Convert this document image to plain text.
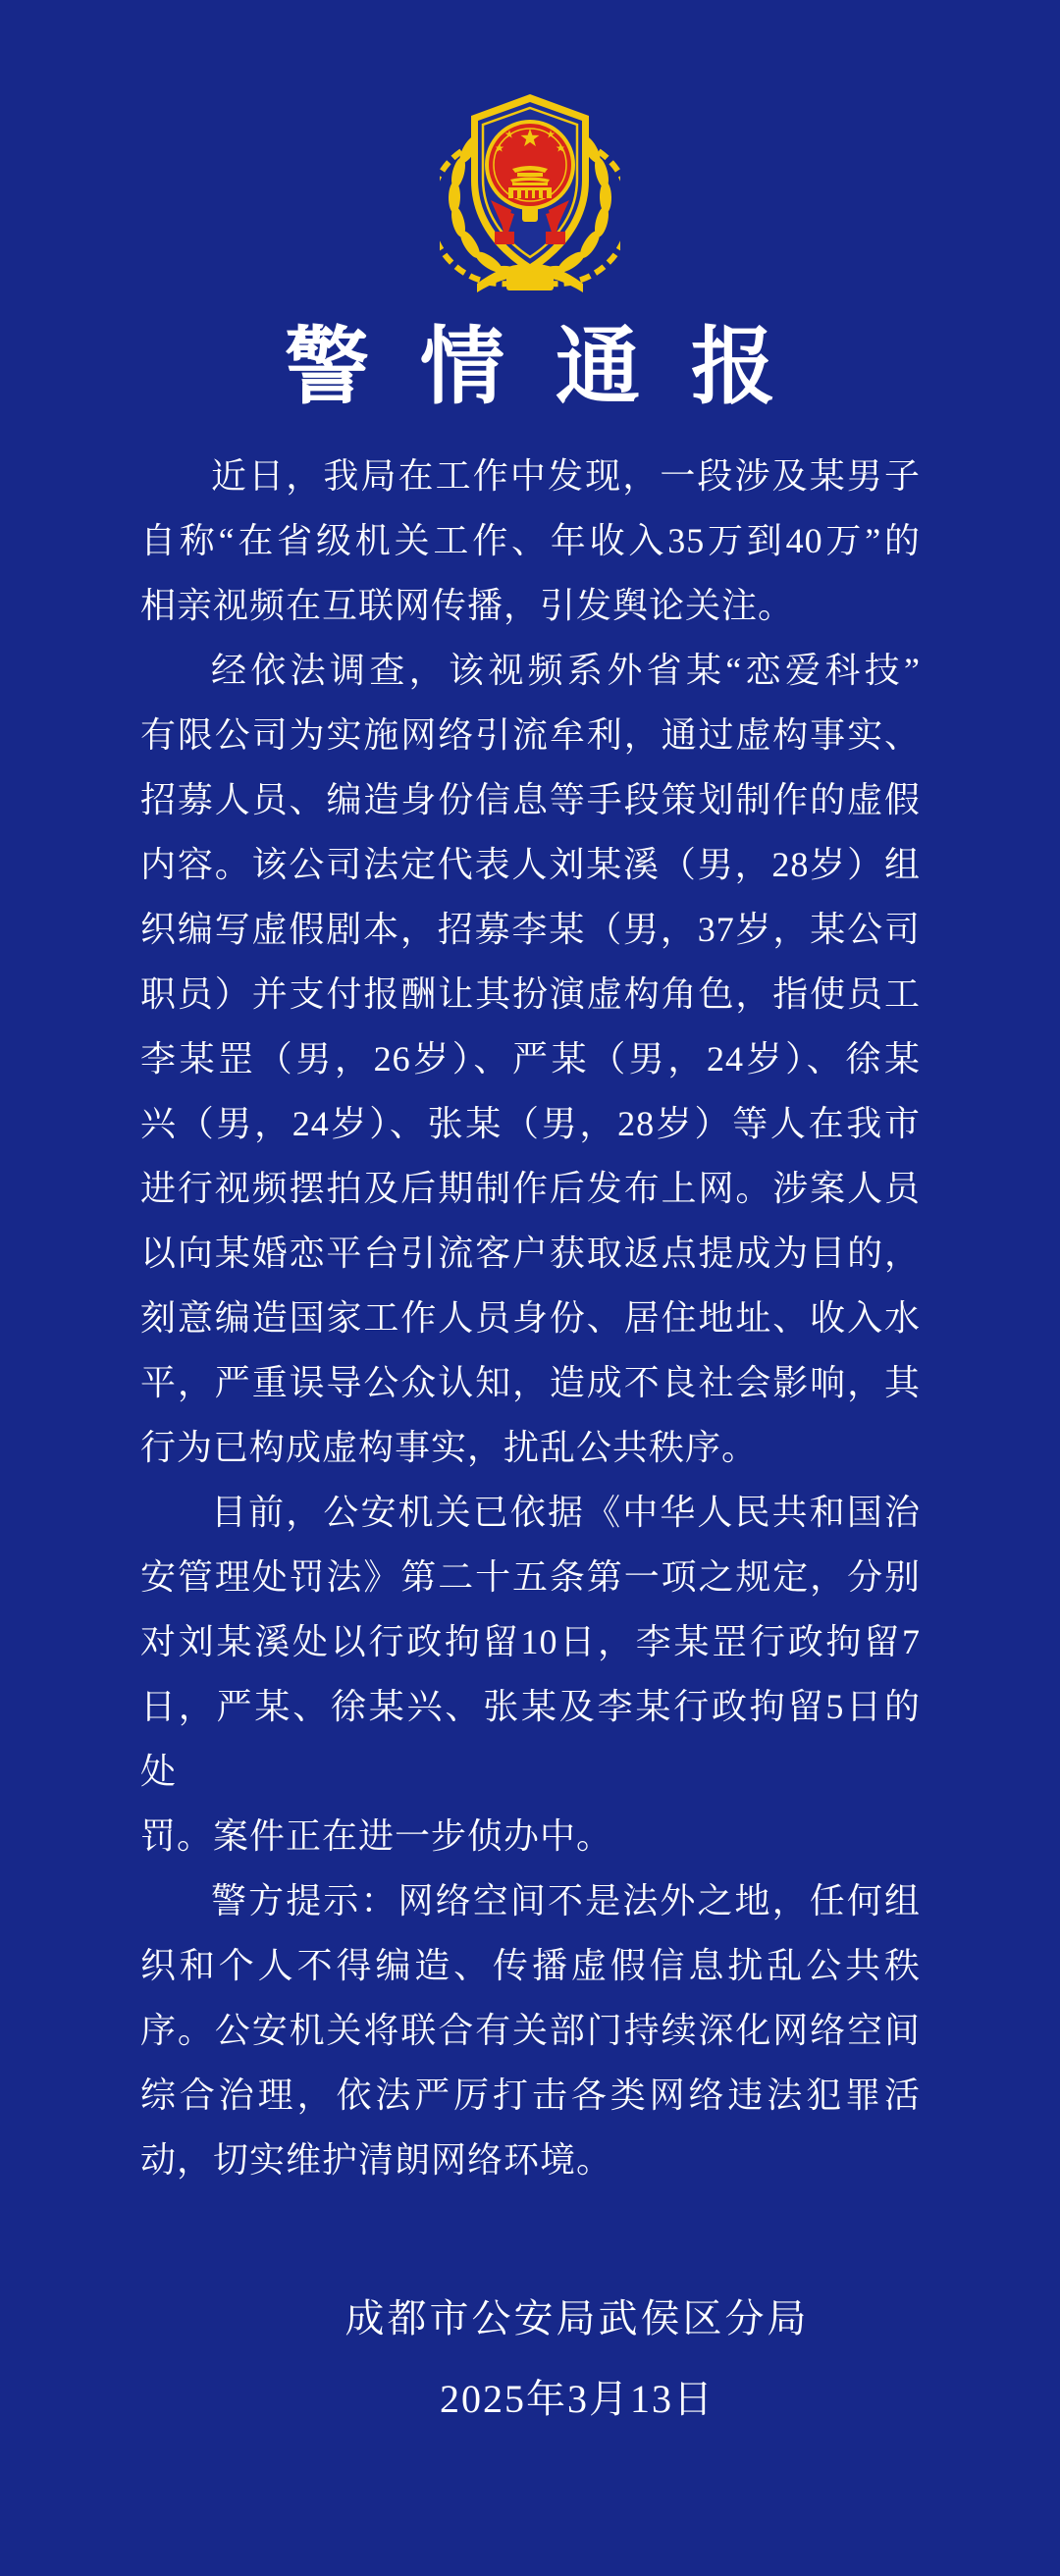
警情通报
近日，我局在工作中发现，一段涉及某男子
自称“在省级机关工作、年收入35万到40万”的
相亲视频在互联网传播，引发舆论关注。
经依法调查，该视频系外省某“恋爱科技”
有限公司为实施网络引流牟利，通过虚构事实、
招募人员、编造身份信息等手段策划制作的虚假
内容。该公司法定代表人刘某溪（男，28岁）组
织编写虚假剧本，招募李某（男，37岁，某公司
职员）并支付报酬让其扮演虚构角色，指使员工
李某罡（男，26岁）、严某（男，24岁）、徐某
兴（男，24岁）、张某（男，28岁）等人在我市
进行视频摆拍及后期制作后发布上网。涉案人员
以向某婚恋平台引流客户获取返点提成为目的，
刻意编造国家工作人员身份、居住地址、收入水
平，严重误导公众认知，造成不良社会影响，其
行为已构成虚构事实，扰乱公共秩序。
目前，公安机关已依据《中华人民共和国治
安管理处罚法》第二十五条第一项之规定，分别
对刘某溪处以行政拘留10日，李某罡行政拘留7
日，严某、徐某兴、张某及李某行政拘留5日的处
罚。案件正在进一步侦办中。
警方提示：网络空间不是法外之地，任何组
织和个人不得编造、传播虚假信息扰乱公共秩
序。公安机关将联合有关部门持续深化网络空间
综合治理，依法严厉打击各类网络违法犯罪活
动，切实维护清朗网络环境。
成都市公安局武侯区分局
2025年3月13日
